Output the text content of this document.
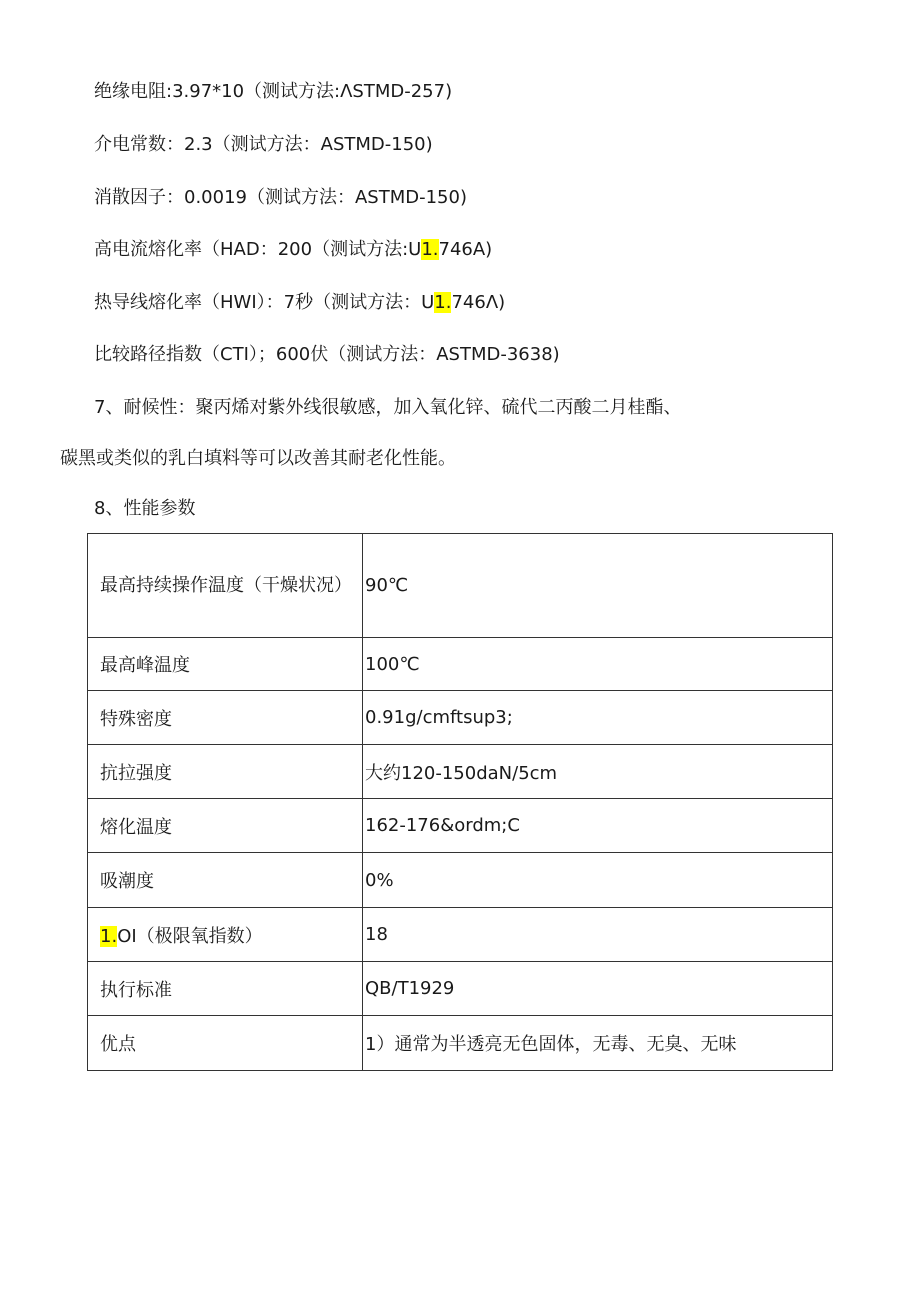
绝缘电阻:3.97*10（测试方法:ΛSTMD-257)
介电常数：2.3（测试方法：ASTMD-150)
消散因子：0.0019（测试方法：ASTMD-150)
高电流熔化率（HAD：200（测试方法:U1.746A)
热导线熔化率（HWI）：7秒（测试方法：U1.746Λ)
比较路径指数（CTI）；600伏（测试方法：ASTMD-3638)
7、耐候性：聚丙烯对紫外线很敏感，加入氧化锌、硫代二丙酸二月桂酯、
碳黑或类似的乳白填料等可以改善其耐老化性能。
8、性能参数
最高持续操作温度（干燥状况）	90℃
最高峰温度	100℃
特殊密度	0.91g∕cmftsup3;
抗拉强度	大约120-150daN/5cm
熔化温度	162-176&ordm;C
吸潮度	0%
1.OI（极限氧指数）	18
执行标准	QB/T1929
优点	1）通常为半透亮无色固体，无毒、无臭、无味
